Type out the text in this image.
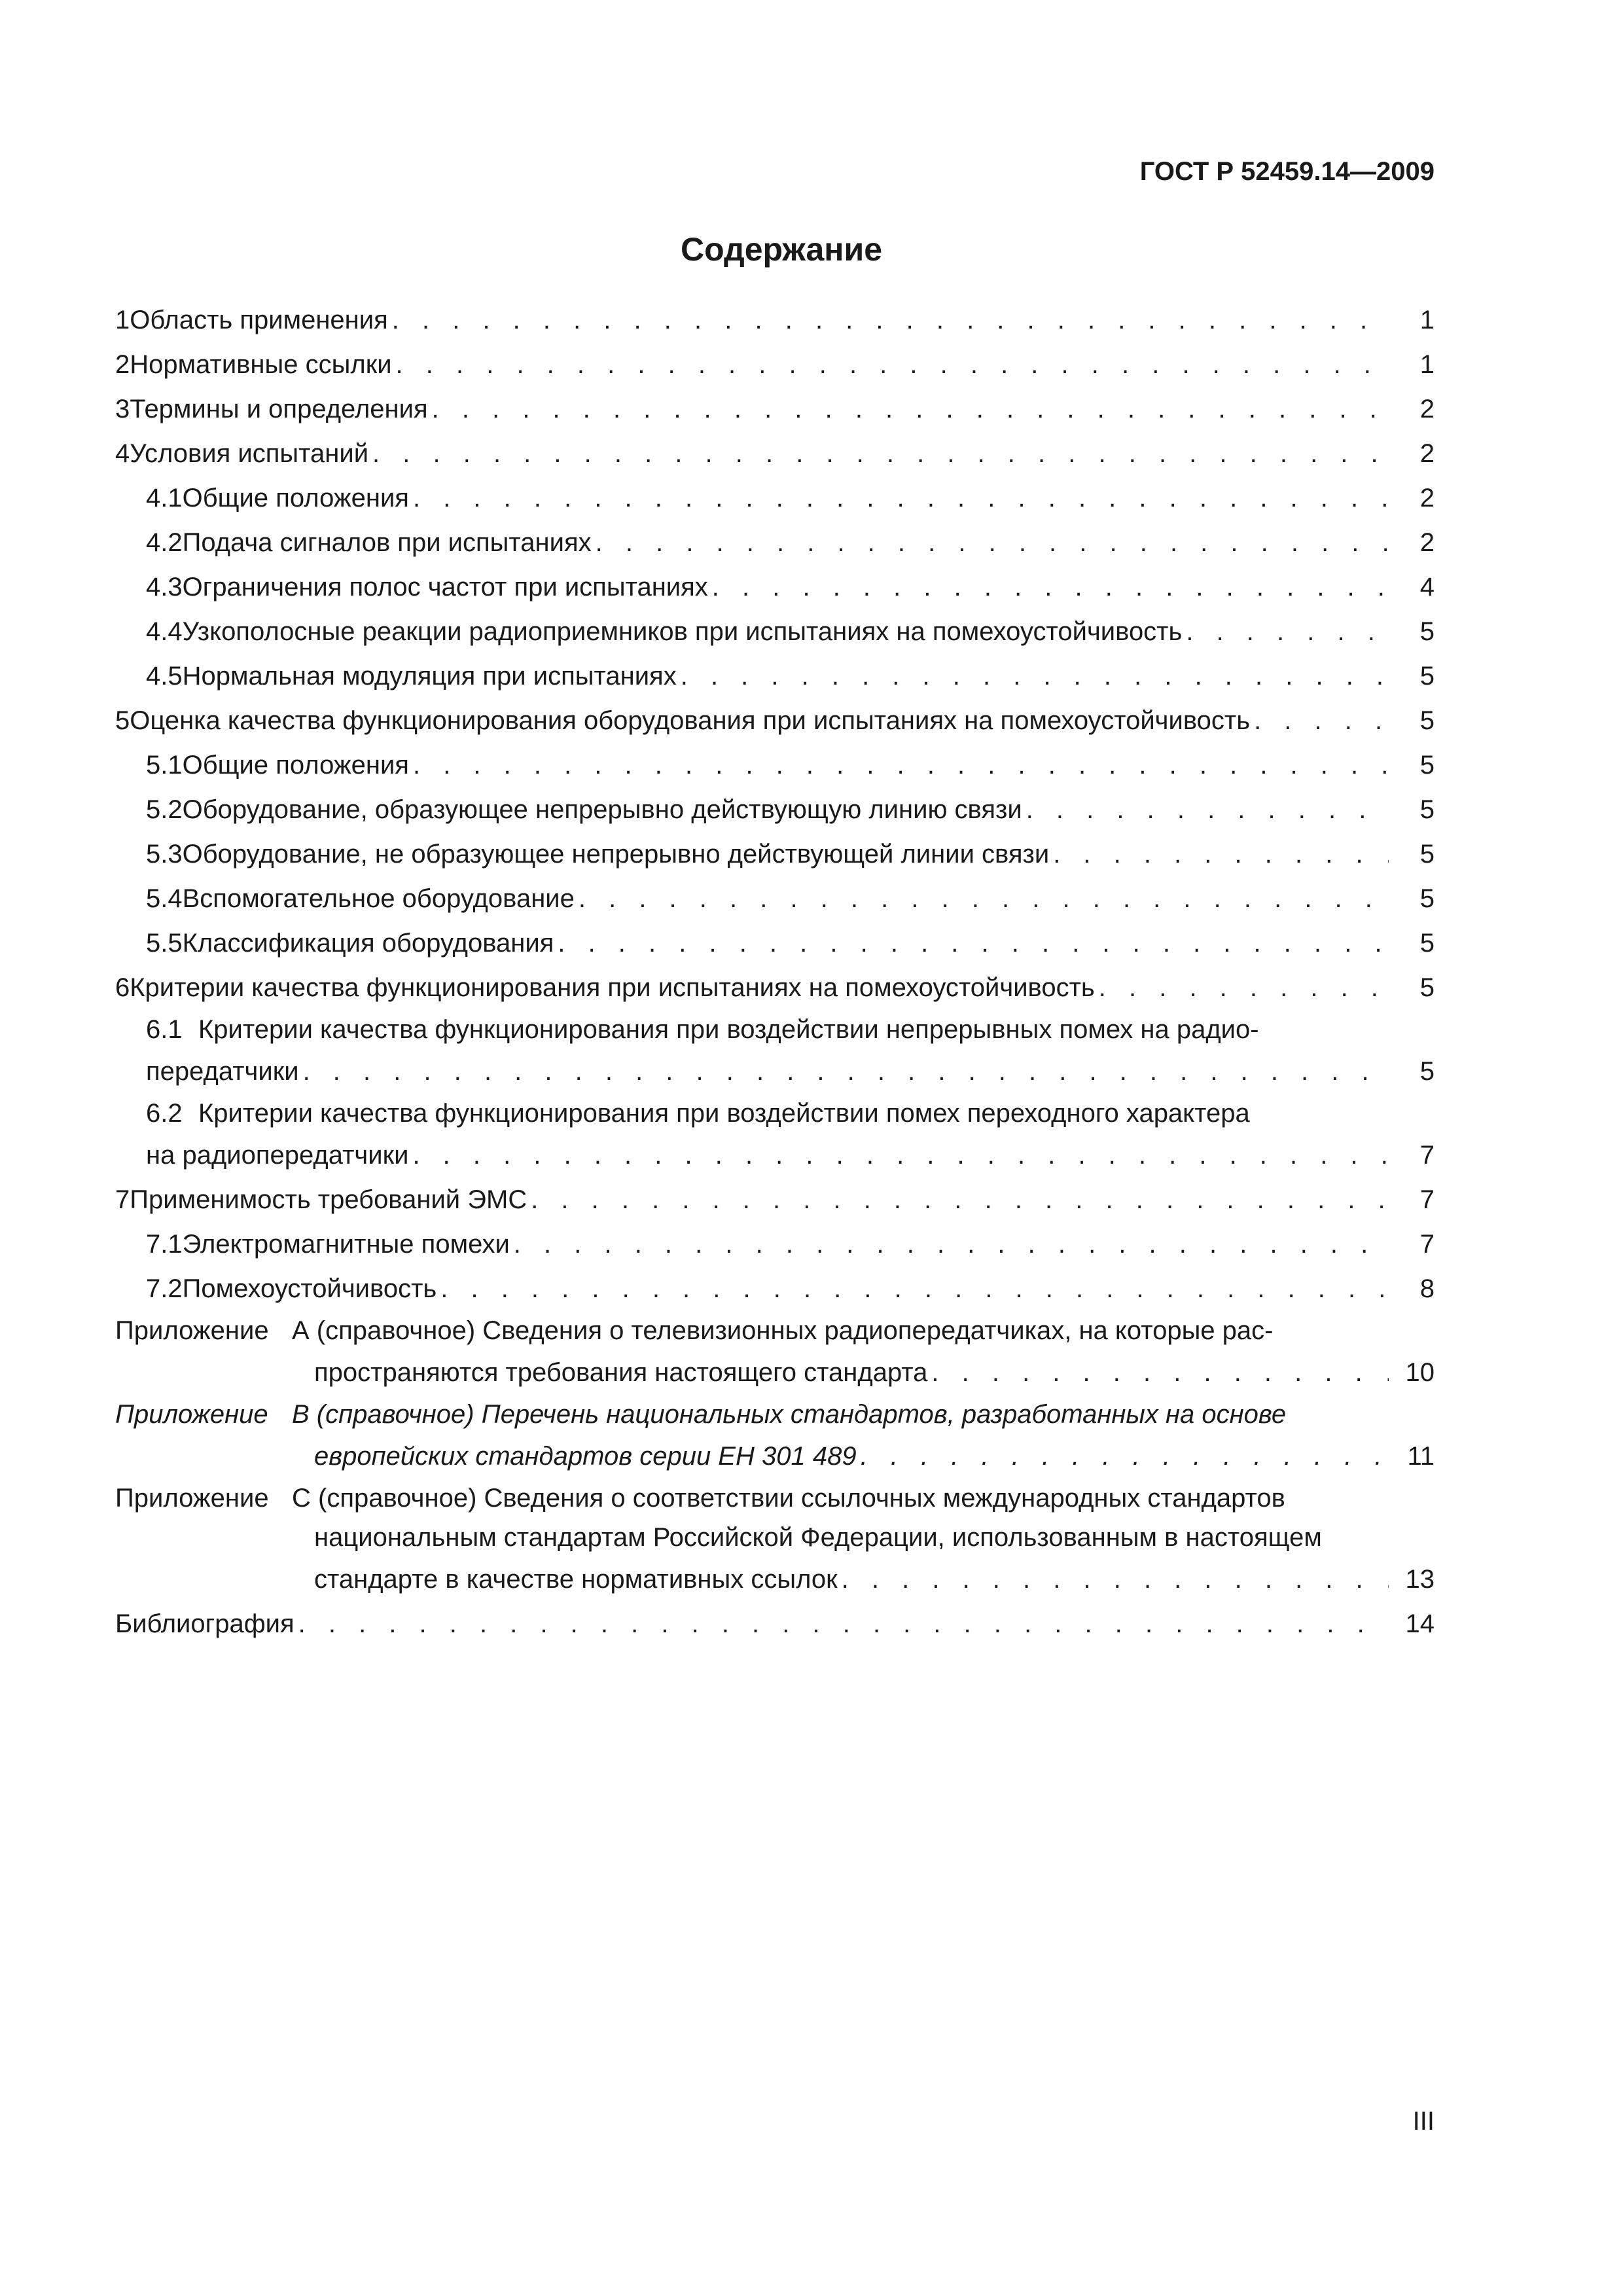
ГОСТ Р 52459.14—2009
Содержание
1 Область применения . . .	1
2 Нормативные ссылки . . .	1
3 Термины и определения . . .	2
4 Условия испытаний . . .	2
4.1 Общие положения . . .	2
4.2 Подача сигналов при испытаниях . . .	2
4.3 Ограничения полос частот при испытаниях . . .	4
4.4 Узкополосные реакции радиоприемников при испытаниях на помехоустойчивость . . .	5
4.5 Нормальная модуляция при испытаниях . . .	5
5 Оценка качества функционирования оборудования при испытаниях на помехоустойчивость . . .	5
5.1 Общие положения . . .	5
5.2 Оборудование, образующее непрерывно действующую линию связи . . .	5
5.3 Оборудование, не образующее непрерывно действующей линии связи . . .	5
5.4 Вспомогательное оборудование . . .	5
5.5 Классификация оборудования . . .	5
6 Критерии качества функционирования при испытаниях на помехоустойчивость . . .	5
6.1 Критерии качества функционирования при воздействии непрерывных помех на радио-
передатчики . . .	5
6.2 Критерии качества функционирования при воздействии помех переходного характера
на радиопередатчики . . .	7
7 Применимость требований ЭМС . . .	7
7.1 Электромагнитные помехи . . .	7
7.2 Помехоустойчивость . . .	8
Приложение А (справочное) Сведения о телевизионных радиопередатчиках, на которые рас-
пространяются требования настоящего стандарта . . .	10
Приложение В (справочное) Перечень национальных стандартов, разработанных на основе
европейских стандартов серии ЕН 301 489 . . .	11
Приложение С (справочное) Сведения о соответствии ссылочных международных стандартов
национальным стандартам Российской Федерации, использованным в настоящем
стандарте в качестве нормативных ссылок . . .	13
Библиография . . .	14
III
